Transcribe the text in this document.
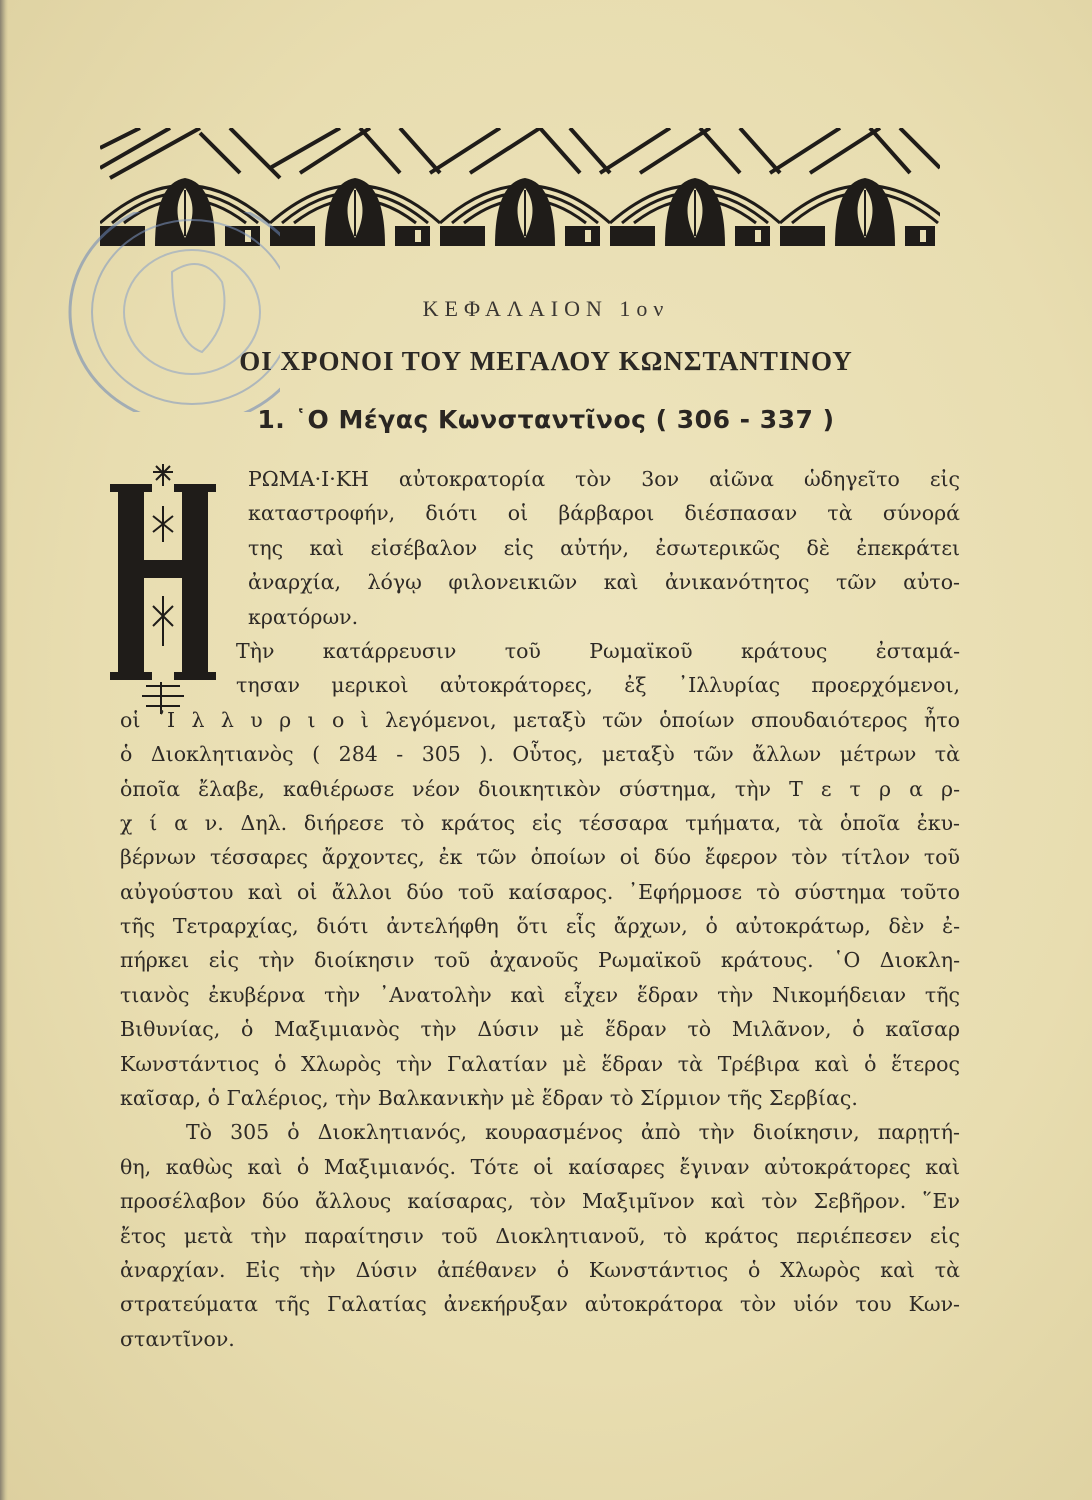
ΚΕΦΑΛΑΙΟΝ 1ον
ΟΙ ΧΡΟΝΟΙ ΤΟΥ ΜΕΓΑΛΟΥ ΚΩΝΣΤΑΝΤΙΝΟΥ
1. ῾Ο Μέγας Κωνσταντῖνος ( 306 - 337 )
ΡΩΜΑ·Ι·ΚΗ αὐτοκρατορία τὸν 3ον αἰῶνα ὡδηγεῖτο εἰς
καταστροφήν, διότι οἱ βάρβαροι διέσπασαν τὰ σύνορά
της καὶ εἰσέβαλον εἰς αὐτήν, ἐσωτερικῶς δὲ ἐπεκράτει
ἀναρχία, λόγῳ φιλονεικιῶν καὶ ἀνικανότητος τῶν αὐτο-
κρατόρων.
Τὴν κατάρρευσιν τοῦ Ρωμαϊκοῦ κράτους ἐσταμά-
τησαν μερικοὶ αὐτοκράτορες, ἐξ ᾿Ιλλυρίας προερχόμενοι,
οἱ ᾿Ι λ λ υ ρ ι ο ὶ λεγόμενοι, μεταξὺ τῶν ὁποίων σπουδαιότερος ἦτο
ὁ Διοκλητιανὸς ( 284 - 305 ). Οὗτος, μεταξὺ τῶν ἄλλων μέτρων τὰ
ὁποῖα ἔλαβε, καθιέρωσε νέον διοικητικὸν σύστημα, τὴν Τ ε τ ρ α ρ-
χ ί α ν. Δηλ. διήρεσε τὸ κράτος εἰς τέσσαρα τμήματα, τὰ ὁποῖα ἐκυ-
βέρνων τέσσαρες ἄρχοντες, ἐκ τῶν ὁποίων οἱ δύο ἔφερον τὸν τίτλον τοῦ
αὐγούστου καὶ οἱ ἄλλοι δύο τοῦ καίσαρος. ᾿Εφήρμοσε τὸ σύστημα τοῦτο
τῆς Τετραρχίας, διότι ἀντελήφθη ὅτι εἷς ἄρχων, ὁ αὐτοκράτωρ, δὲν ἐ-
πήρκει εἰς τὴν διοίκησιν τοῦ ἀχανοῦς Ρωμαϊκοῦ κράτους. ῾Ο Διοκλη-
τιανὸς ἐκυβέρνα τὴν ᾿Ανατολὴν καὶ εἶχεν ἕδραν τὴν Νικομήδειαν τῆς
Βιθυνίας, ὁ Μαξιμιανὸς τὴν Δύσιν μὲ ἕδραν τὸ Μιλᾶνον, ὁ καῖσαρ
Κωνστάντιος ὁ Χλωρὸς τὴν Γαλατίαν μὲ ἕδραν τὰ Τρέβιρα καὶ ὁ ἕτερος
καῖσαρ, ὁ Γαλέριος, τὴν Βαλκανικὴν μὲ ἕδραν τὸ Σίρμιον τῆς Σερβίας.
Τὸ 305 ὁ Διοκλητιανός, κουρασμένος ἀπὸ τὴν διοίκησιν, παρῃτή-
θη, καθὼς καὶ ὁ Μαξιμιανός. Τότε οἱ καίσαρες ἔγιναν αὐτοκράτορες καὶ
προσέλαβον δύο ἄλλους καίσαρας, τὸν Μαξιμῖνον καὶ τὸν Σεβῆρον. ῞Εν
ἔτος μετὰ τὴν παραίτησιν τοῦ Διοκλητιανοῦ, τὸ κράτος περιέπεσεν εἰς
ἀναρχίαν. Εἰς τὴν Δύσιν ἀπέθανεν ὁ Κωνστάντιος ὁ Χλωρὸς καὶ τὰ
στρατεύματα τῆς Γαλατίας ἀνεκήρυξαν αὐτοκράτορα τὸν υἱόν του Κων-
σταντῖνον.
